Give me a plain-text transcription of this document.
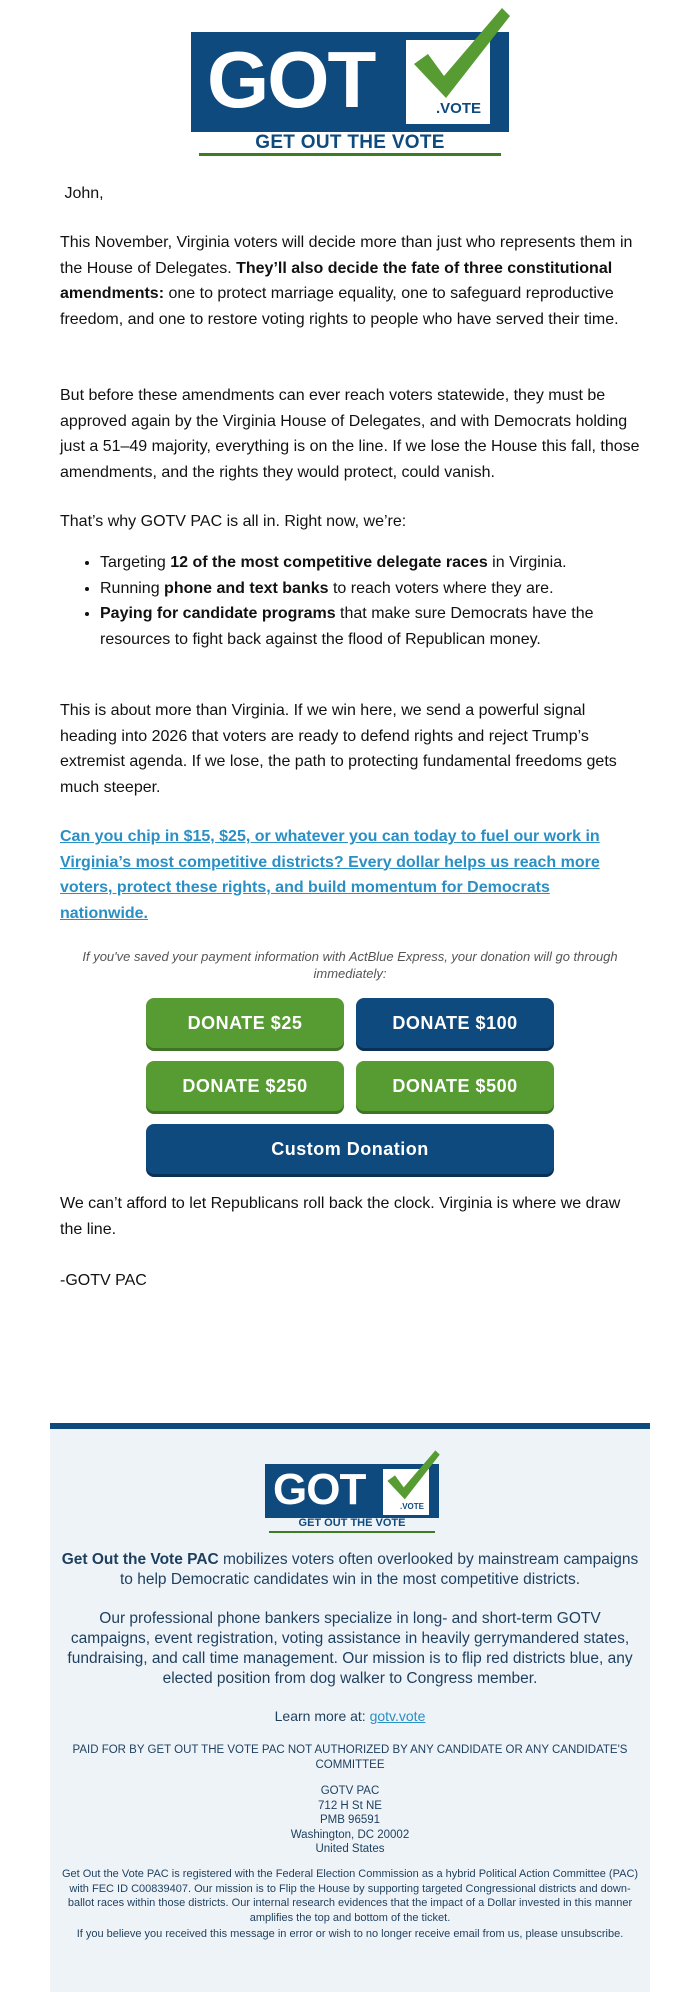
GOT	.VOTE
GET OUT THE VOTE

John,

This November, Virginia voters will decide more than just who represents them in the House of Delegates. They’ll also decide the fate of three constitutional amendments: one to protect marriage equality, one to safeguard reproductive freedom, and one to restore voting rights to people who have served their time.

But before these amendments can ever reach voters statewide, they must be approved again by the Virginia House of Delegates, and with Democrats holding just a 51–49 majority, everything is on the line. If we lose the House this fall, those amendments, and the rights they would protect, could vanish.

That’s why GOTV PAC is all in. Right now, we’re:

• Targeting 12 of the most competitive delegate races in Virginia.
• Running phone and text banks to reach voters where they are.
• Paying for candidate programs that make sure Democrats have the resources to fight back against the flood of Republican money.

This is about more than Virginia. If we win here, we send a powerful signal heading into 2026 that voters are ready to defend rights and reject Trump’s extremist agenda. If we lose, the path to protecting fundamental freedoms gets much steeper.

Can you chip in $15, $25, or whatever you can today to fuel our work in Virginia’s most competitive districts? Every dollar helps us reach more voters, protect these rights, and build momentum for Democrats nationwide.

If you've saved your payment information with ActBlue Express, your donation will go through immediately:
DONATE $25	DONATE $100
DONATE $250	DONATE $500
Custom Donation

We can’t afford to let Republicans roll back the clock. Virginia is where we draw the line.

-GOTV PAC

GOT	.VOTE
GET OUT THE VOTE
Get Out the Vote PAC mobilizes voters often overlooked by mainstream campaigns to help Democratic candidates win in the most competitive districts.
Our professional phone bankers specialize in long- and short-term GOTV campaigns, event registration, voting assistance in heavily gerrymandered states, fundraising, and call time management. Our mission is to flip red districts blue, any elected position from dog walker to Congress member.
Learn more at: gotv.vote
PAID FOR BY GET OUT THE VOTE PAC NOT AUTHORIZED BY ANY CANDIDATE OR ANY CANDIDATE'S COMMITTEE
GOTV PAC
712 H St NE
PMB 96591
Washington, DC 20002
United States
Get Out the Vote PAC is registered with the Federal Election Commission as a hybrid Political Action Committee (PAC) with FEC ID C00839407. Our mission is to Flip the House by supporting targeted Congressional districts and down-ballot races within those districts. Our internal research evidences that the impact of a Dollar invested in this manner amplifies the top and bottom of the ticket.
If you believe you received this message in error or wish to no longer receive email from us, please unsubscribe.
